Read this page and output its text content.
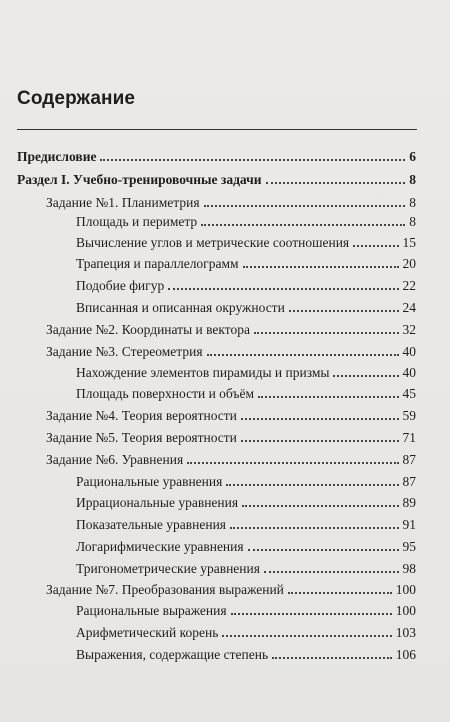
Содержание
Предисловие	6
Раздел I. Учебно-тренировочные задачи	8
Задание №1. Планиметрия	8
Площадь и периметр	8
Вычисление углов и метрические соотношения	15
Трапеция и параллелограмм	20
Подобие фигур	22
Вписанная и описанная окружности	24
Задание №2. Координаты и вектора	32
Задание №3. Стереометрия	40
Нахождение элементов пирамиды и призмы	40
Площадь поверхности и объём	45
Задание №4. Теория вероятности	59
Задание №5. Теория вероятности	71
Задание №6. Уравнения	87
Рациональные уравнения	87
Иррациональные уравнения	89
Показательные уравнения	91
Логарифмические уравнения	95
Тригонометрические уравнения	98
Задание №7. Преобразования выражений	100
Рациональные выражения	100
Арифметический корень	103
Выражения, содержащие степень	106
